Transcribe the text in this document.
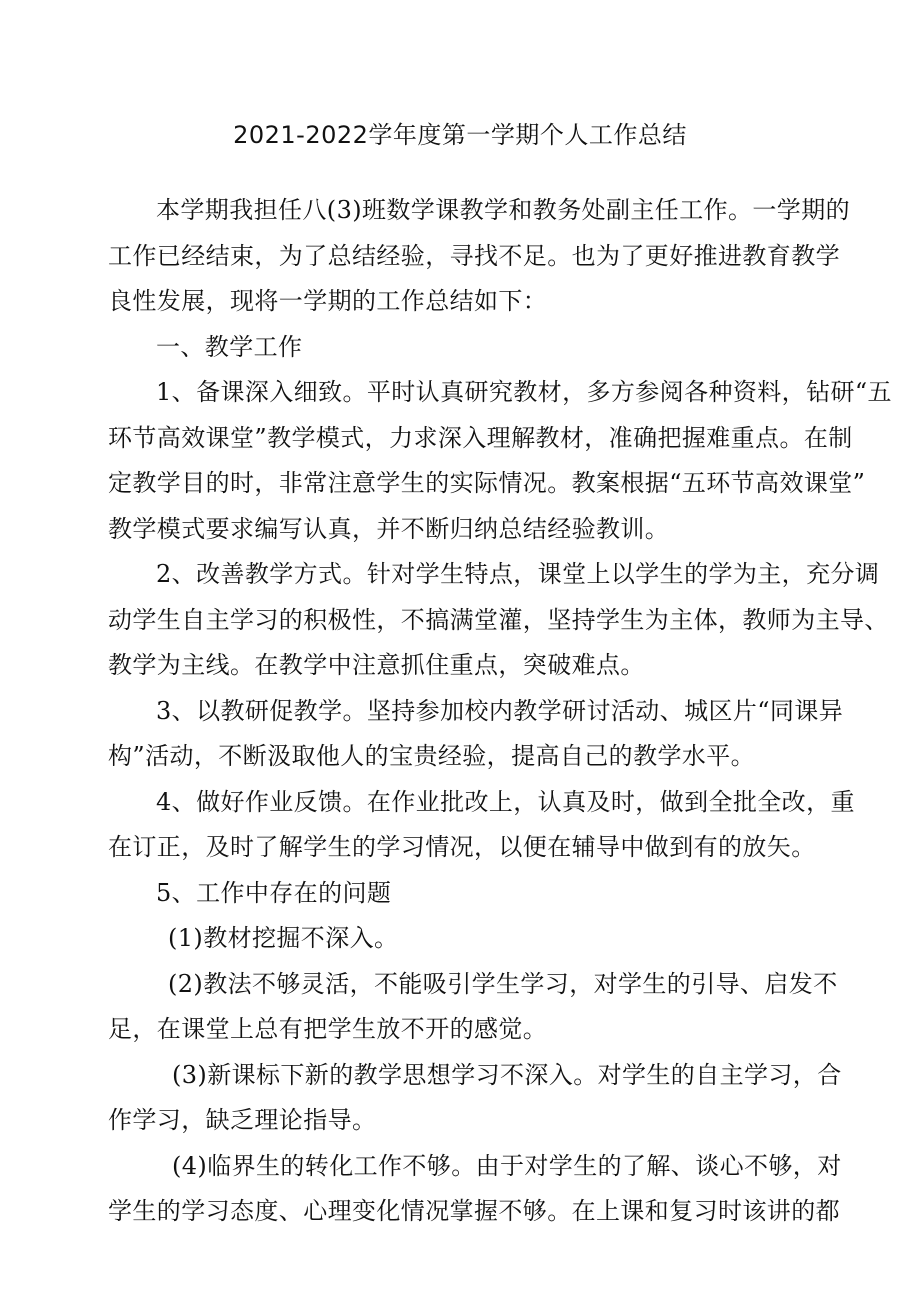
2021-2022学年度第一学期个人工作总结
本学期我担任八(3)班数学课教学和教务处副主任工作。一学期的
工作已经结束，为了总结经验，寻找不足。也为了更好推进教育教学
良性发展，现将一学期的工作总结如下：
一、教学工作
1、备课深入细致。平时认真研究教材，多方参阅各种资料，钻研“五
环节高效课堂”教学模式，力求深入理解教材，准确把握难重点。在制
定教学目的时，非常注意学生的实际情况。教案根据“五环节高效课堂”
教学模式要求编写认真，并不断归纳总结经验教训。
2、改善教学方式。针对学生特点，课堂上以学生的学为主，充分调
动学生自主学习的积极性，不搞满堂灌，坚持学生为主体，教师为主导、
教学为主线。在教学中注意抓住重点，突破难点。
3、以教研促教学。坚持参加校内教学研讨活动、城区片“同课异
构”活动，不断汲取他人的宝贵经验，提高自己的教学水平。
4、做好作业反馈。在作业批改上，认真及时，做到全批全改，重
在订正，及时了解学生的学习情况，以便在辅导中做到有的放矢。
5、工作中存在的问题
(1)教材挖掘不深入。
(2)教法不够灵活，不能吸引学生学习，对学生的引导、启发不
足，在课堂上总有把学生放不开的感觉。
(3)新课标下新的教学思想学习不深入。对学生的自主学习，合
作学习，缺乏理论指导。
(4)临界生的转化工作不够。由于对学生的了解、谈心不够，对
学生的学习态度、心理变化情况掌握不够。在上课和复习时该讲的都
